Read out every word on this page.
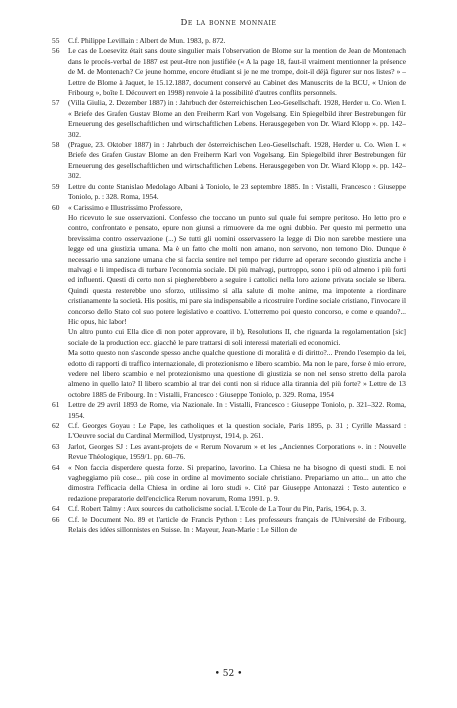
De la bonne monnaie
55	C.f. Philippe Levillain : Albert de Mun. 1983, p. 872.

56	Le cas de Loesevitz était sans doute singulier mais l'observation de Blome sur la mention de Jean de Montenach dans le procès-verbal de 1887 est peut-être non justifiée (« A la page 18, faut-il vraiment mentionner la présence de M. de Montenach? Ce jeune homme, encore étudiant si je ne me trompe, doit-il déjà figurer sur nos listes? » – Lettre de Blome à Jaquet, le 15.12.1887, document conservé au Cabinet des Manuscrits de la BCU, « Union de Fribourg », boîte I. Découvert en 1998) renvoie à la possibilité d'autres conflits personnels.

57	(Villa Giulia, 2. Dezember 1887) in : Jahrbuch der österreichischen Leo-Gesellschaft. 1928, Herder u. Co. Wien I. « Briefe des Grafen Gustav Blome an den Freiherrn Karl von Vogelsang. Ein Spiegelbild ihrer Bestrebungen für Erneuerung des gesellschaftlichen und wirtschaftlichen Lebens. Herausgegeben von Dr. Wiard Klopp ». pp. 142–302.

58	(Prague, 23. Oktober 1887) in : Jahrbuch der österreichischen Leo-Gesellschaft. 1928, Herder u. Co. Wien I. « Briefe des Grafen Gustav Blome an den Freiherrn Karl von Vogelsang. Ein Spiegelbild ihrer Bestrebungen für Erneuerung des gesellschaftlichen und wirtschaftlichen Lebens. Herausgegeben von Dr. Wiard Klopp ». pp. 142–302.

59	Lettre du conte Stanislao Medolago Albani à Toniolo, le 23 septembre 1885. In : Vistalli, Francesco : Giuseppe Toniolo, p. : 328. Roma, 1954.

60	« Carissimo e Illustrissimo Professore,

Ho ricevuto le sue osservazioni. Confesso che toccano un punto sul quale fui sempre peritoso. Ho letto pro e contro, confrontato e pensato, epure non giunsi a rimuovere da me ogni dubbio. Per questo mi permetto una brevissima contro osservazione (...) Se tutti gli uomini osservassero la legge di Dio non sarebbe mestiere una legge ed una giustizia umana. Ma è un fatto che molti non amano, non servono, non temono Dio. Dunque è necessario una sanzione umana che si faccia sentire nel tempo per ridurre ad operare secondo giustizia anche i malvagi e li impedisca di turbare l'economia sociale. Di più malvagi, purtroppo, sono i più od almeno i più forti ed influenti. Questi di certo non si piegherebbero a seguire i cattolici nella loro azione privata sociale se libera. Quindi questa resterebbe uno sforzo, utilissimo sì alla salute di molte anime, ma impotente a riordinare cristianamente la società. His positis, mi pare sia indispensabile a ricostruire l'ordine sociale cristiano, l'invocare il concorso dello Stato col suo potere legislativo e coattivo. L'otterremo poi questo concorso, e come e quando?... Hic opus, hic labor!

Un altro punto cui Ella dice di non poter approvare, il b), Resolutions II, che riguarda la regolamentation [sic] sociale de la production ecc. giacchè le pare trattarsi di soli interessi materiali ed economici.

Ma sotto questo non s'asconde spesso anche qualche questione di moralità e di diritto?... Prendo l'esempio da lei, edotto di rapporti di traffico internazionale, di protezionismo e libero scambio. Ma non le pare, forse è mio errore, vedere nel libero scambio e nel protezionismo una questione di giustizia se non nel senso stretto della parola almeno in quello lato? Il libero scambio al trar dei conti non si riduce alla tirannia del più forte? » Lettre de 13 octobre 1885 de Fribourg. In : Vistalli, Francesco : Giuseppe Toniolo, p. 329. Roma, 1954

61	Lettre de 29 avril 1893 de Rome, via Nazionale. In : Vistalli, Francesco : Giuseppe Toniolo, p. 321–322. Roma, 1954.

62	C.f. Georges Goyau : Le Pape, les catholiques et la question sociale, Paris 1895, p. 31 ; Cyrille Massard : L'Oeuvre social du Cardinal Mermillod, Uystpruyst, 1914, p. 261.

63	Jarlot, Georges SJ : Les avant-projets de « Rerum Novarum » et les „Anciennes Corporations ». in : Nouvelle Revue Théologique, 1959/1. pp. 60–76.

64	« Non faccia disperdere questa forze. Si preparino, lavorino. La Chiesa ne ha bisogno di questi studi. E noi vagheggiamo più cose... più cose in ordine al movimento sociale christiano. Prepariamo un atto... un atto che dimostra l'efficacia della Chiesa in ordine ai loro studi ». Cité par Giuseppe Antonazzi : Testo autentico e redazione preparatorie dell'enciclica Rerum novarum, Roma 1991. p. 9.

64	C.f. Robert Talmy : Aux sources du catholicisme social. L'Ecole de La Tour du Pin, Paris, 1964, p. 3.

66	C.f. le Document No. 89 et l'article de Francis Python : Les professeurs français de l'Université de Fribourg, Relais des idées sillonnistes en Suisse. In : Mayeur, Jean-Marie : Le Sillon de

• 52 •
